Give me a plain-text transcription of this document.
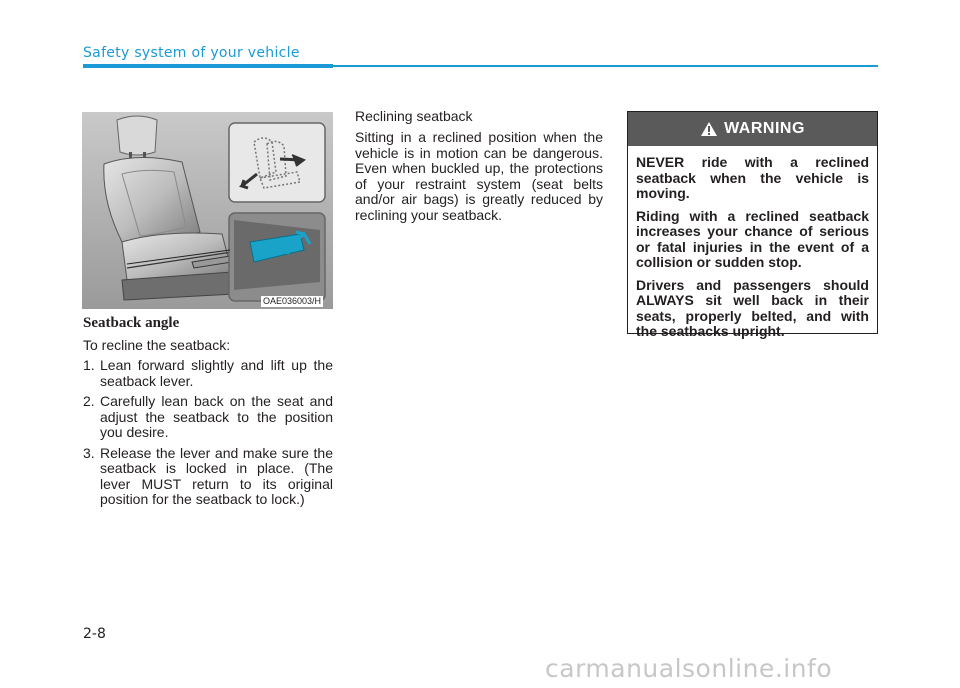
Safety system of your vehicle
OAE036003/H
Seatback angle
To recline the seatback:
1. Lean forward slightly and lift up the seatback lever.
2. Carefully lean back on the seat and adjust the seatback to the position you desire.
3. Release the lever and make sure the seatback is locked in place. (The lever MUST return to its original position for the seatback to lock.)
Reclining seatback
Sitting in a reclined position when the vehicle is in motion can be dangerous. Even when buckled up, the protections of your restraint system (seat belts and/or air bags) is greatly reduced by reclining your seatback.
WARNING

NEVER ride with a reclined seatback when the vehicle is moving.

Riding with a reclined seatback increases your chance of serious or fatal injuries in the event of a collision or sudden stop.

Drivers and passengers should ALWAYS sit well back in their seats, properly belted, and with the seatbacks upright.

2-8
carmanualsonline.info
